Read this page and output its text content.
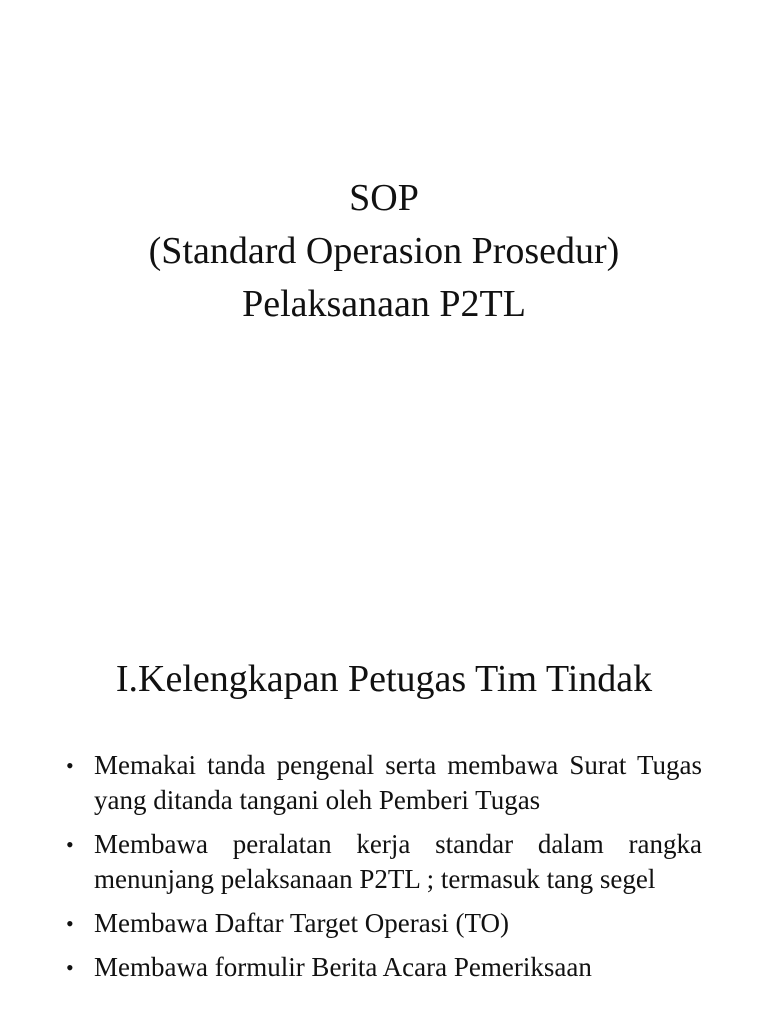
SOP
(Standard Operasion Prosedur)
Pelaksanaan P2TL
I.Kelengkapan Petugas Tim Tindak
• Memakai tanda pengenal serta membawa Surat Tugas yang ditanda tangani oleh Pemberi Tugas
• Membawa peralatan kerja standar dalam rangka menunjang pelaksanaan P2TL ; termasuk tang segel
• Membawa Daftar Target Operasi (TO)
• Membawa formulir Berita Acara Pemeriksaan
